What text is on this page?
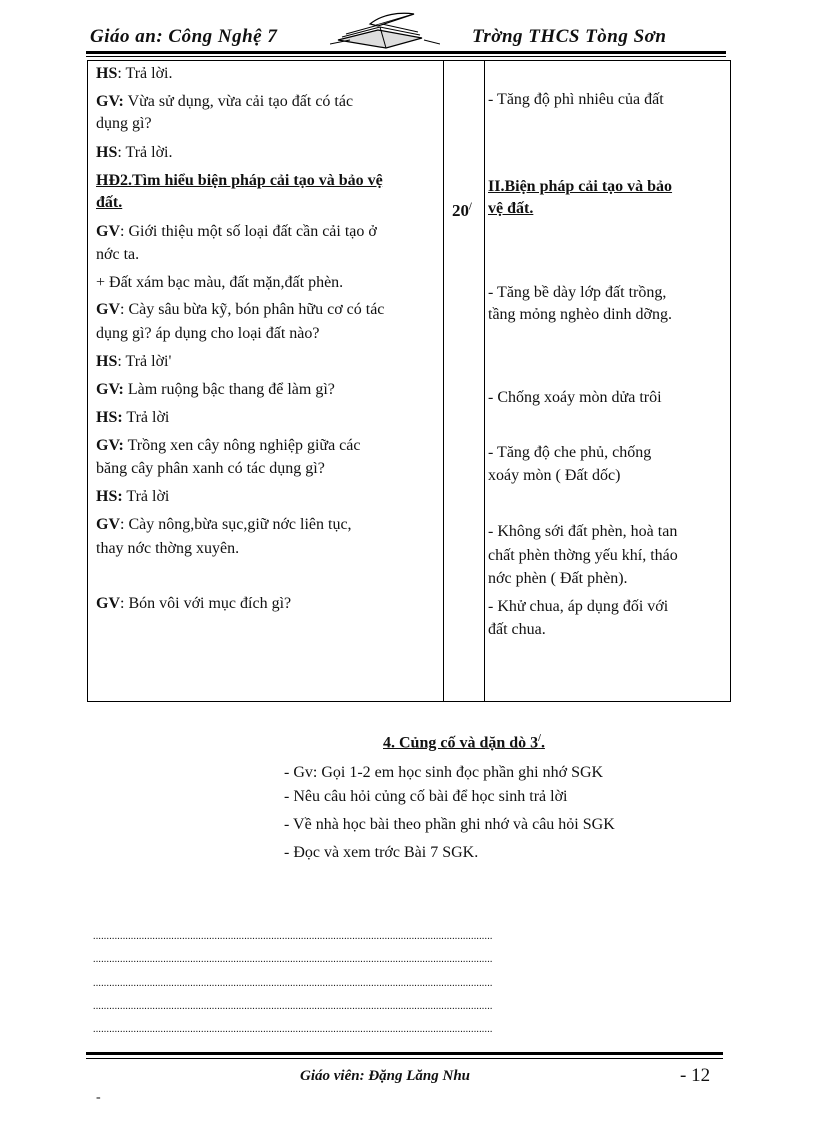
Giáo an: Công Nghệ 7	Trờng THCS Tòng Sơn
HS: Trả lời.
GV: Vừa sử dụng, vừa cải tạo đất có tác
dụng gì?
HS: Trả lời.
HĐ2.Tìm hiểu biện pháp cải tạo và bảo vệ
đất.
GV: Giới thiệu một số loại đất cần cải tạo ở
nớc ta.
+ Đất xám bạc màu, đất mặn,đất phèn.
GV: Cày sâu bừa kỹ, bón phân hữu cơ có tác
dụng gì? áp dụng cho loại đất nào?
HS: Trả lời'
GV: Làm ruộng bậc thang để làm gì?
HS: Trả lời
GV: Trồng xen cây nông nghiệp giữa các
băng cây phân xanh có tác dụng gì?
HS: Trả lời
GV: Cày nông,bừa sục,giữ nớc liên tục,
thay nớc thờng xuyên.
GV: Bón vôi với mục đích gì?
20/
- Tăng độ phì nhiêu của đất
II.Biện pháp cải tạo và bảo
vệ đất.
- Tăng bề dày lớp đất trồng,
tầng mỏng nghèo dinh dỡng.
- Chống xoáy mòn dửa trôi
- Tăng độ che phủ, chống
xoáy mòn ( Đất dốc)
- Không sới đất phèn, hoà tan
chất phèn thờng yếu khí, tháo
nớc phèn ( Đất phèn).
- Khử chua, áp dụng đối với
đất chua.
4. Củng cố và dặn dò 3/.
- Gv: Gọi 1-2 em học sinh đọc phần ghi nhớ SGK
- Nêu câu hỏi củng cố bài để học sinh trả lời
- Về nhà học bài theo phần ghi nhớ và câu hỏi SGK
- Đọc và xem trớc Bài 7 SGK.
....................................................................................................................................................
....................................................................................................................................................
....................................................................................................................................................
....................................................................................................................................................
....................................................................................................................................................
Giáo viên: Đặng Lăng Nhu	- 12
-
